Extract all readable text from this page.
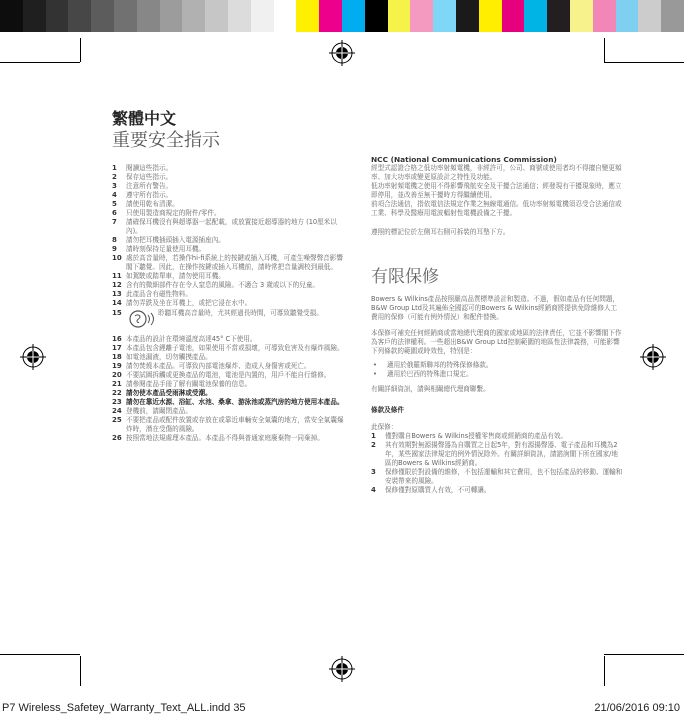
繁體中文
重要安全指示
1	閱讀這些指示。
2	保存這些指示。
3	注意所有警告。
4	遵守所有指示。
5	請使用乾布清潔。
6	只使用製造商規定的附件/零件。
7	請確保耳機沒有與超導器一起配載，或放置接近超導器的地方 (10厘米以內)。
8	請勿把耳機插頭插入電源插座內。
9	請時刻保持足量使用耳機。
10 處於高音量時，若操作hi-fi系統上的按鍵或插入耳機，可產生噪聲聲音影響閣下聽覺。因此，在操作按鍵或插入耳機前，請時常把音量調校到最低。
11 如駕駛或踏單車，請勿使用耳機。
12 含有的微細部件存在令人窒息的風險。不適合 3 歲或以下的兒童。
13 此產品含有磁性物料。
14 請勿弄跌及坐在耳機上，或把它浸在水中。
15	聆聽耳機高音量時，尤其經過長時間，可導致聽覺受損。
16 本產品的設計在環境溫度高達45° C下使用。
17 本產品包含鋰離子電池，如果使用不當或損壞，可導致危害及有爆炸風險。
18 如電池漏液，切勿觸摸產品。
19 請勿焚燒本產品。可導致內部電池爆炸、造成人身傷害或死亡。
20 不要試圖拆觸或更換產品的電池，電池是內置的，用戶不能自行維修。
21 請參閱產品手冊了解有關電池保養的信息。
22 請勿使本產品受雨淋或受潮。
23 請勿在靠近水源、浴缸、水池、桑拿、游泳池或蒸汽房的地方使用本產品。
24 登機前，請關閉產品。
25 不要把產品或配件放置或存放在或靠近車輛安全氣囊的地方，當安全氣囊爆炸時，潛在受傷的風險。
26 按照當地法規處理本產品。本產品不得與普通家庭廢棄物一同棄掉。

NCC (National Communications Commission)

經型式認證合格之低功率射頻電機，非經許可，公司、商號或使用者均不得擅自變更頻率、加大功率或變更原設計之特性及功能。

低功率射頻電機之使用不得影響飛航安全及干擾合法通信；經發現有干擾現象時，應立即停用，並改善至無干擾時方得繼續使用。

前項合法通信，指依電信法規定作業之無線電通信。低功率射頻電機須忍受合法通信或工業、科學及醫療用電波輻射性電機設備之干擾。

遵照的標記位於左側耳右側可拆裝的耳墊下方。

有限保修

Bowers & Wilkins產品按照嚴高品質標準設計和製造。不過，假如產品有任何問題，B&W Group Ltd及其遍佈全國認可的Bowers & Wilkins經銷商將提供免除維修人工費用的保修（可能有例外情況）和配件替換。

本保修可補充任何經銷商或當地總代理商的國家或地區的法律責任，它並不影響閣下作為客戶的法律權利。一些超出B&W Group Ltd控制範圍的地區性法律義務，可能影響下列條款的範圍或時效性，特別是：

•	適用於俄羅斯聯邦的特殊保修條款。
•	適用於巴西的特殊進口規定。

有關詳細資訊，請與相關總代理商聯繫。

條款及條件

此保修：

1	僅對購自Bowers & Wilkins授權零售商或經銷商的產品有效。
2	其有效期對無源揚聲器為自購買之日起5年，對有源揚聲器、電子產品和耳機為2年，某些國家法律規定的例外情況除外。有關詳細資訊，請諮詢閣下所在國家/地區的Bowers & Wilkins經銷商。
3	保修僅限於對設備的維修，不包括運輸和其它費用，也不包括產品的移動、運輸和安裝帶來的風險。
4	保修僅對原購買人有效，不可轉讓。
P7 Wireless_Safetey_Warranty_Text_ALL.indd 35	21/06/2016 09:10
